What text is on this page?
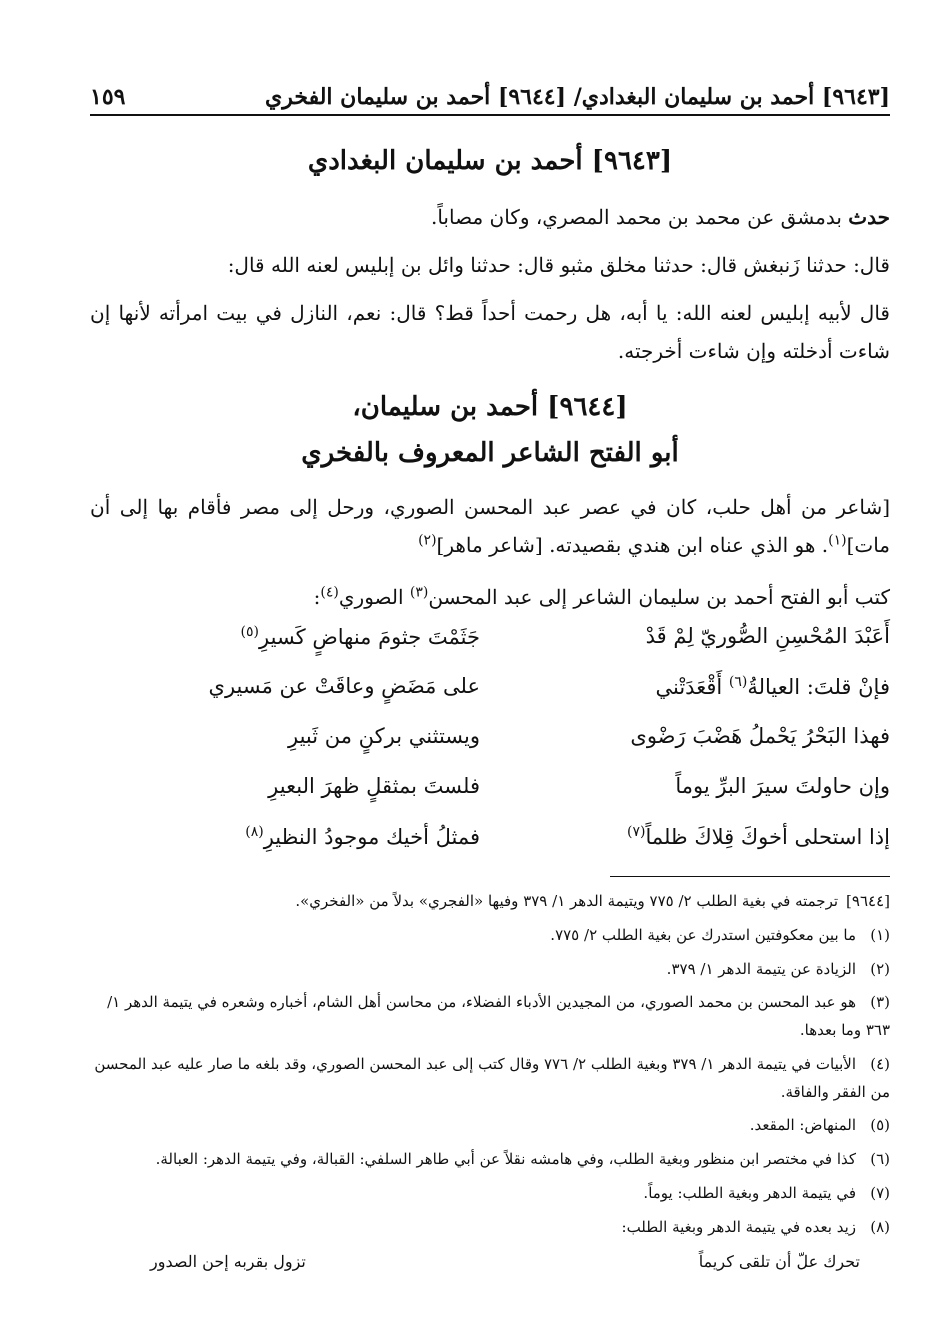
[٩٦٤٣] أحمد بن سليمان البغدادي/ [٩٦٤٤] أحمد بن سليمان الفخري
١٥٩
[٩٦٤٣] أحمد بن سليمان البغدادي
حدث بدمشق عن محمد بن محمد المصري، وكان مصاباً.
قال: حدثنا زَنبغش قال: حدثنا مخلق مثبو قال: حدثنا وائل بن إبليس لعنه الله قال:
قال لأبيه إبليس لعنه الله: يا أبه، هل رحمت أحداً قط؟ قال: نعم، النازل في بيت امرأته لأنها إن شاءت أدخلته وإن شاءت أخرجته.
[٩٦٤٤] أحمد بن سليمان،
أبو الفتح الشاعر المعروف بالفخري
[شاعر من أهل حلب، كان في عصر عبد المحسن الصوري، ورحل إلى مصر فأقام بها إلى أن مات]$^{(١)}$. هو الذي عناه ابن هندي بقصيدته. [شاعر ماهر]$^{(٢)}$
كتب أبو الفتح أحمد بن سليمان الشاعر إلى عبد المحسن$^{(٣)}$ الصوري$^{(٤)}$:
أَعَبْدَ المُحْسِنِ الصُّوريّ لِمْ قَدْ
جَثَمْتَ جثومَ منهاضٍ كَسيرِ$^{(٥)}$
فإنْ قلتَ: العيالةُ$^{(٦)}$ أَقْعَدَتْني
على مَضَضٍ وعاقَتْ عن مَسيري
فهذا البَحْرُ يَحْملُ هَضْبَ رَضْوى
ويستثني بركنٍ من ثَبيرِ
وإن حاولتَ سيرَ البرِّ يوماً
فلستَ بمثقلٍ ظهرَ البعيرِ
إذا استحلى أخوكَ قِلاكَ ظلماً$^{(٧)}$
فمثلُ أخيك موجودُ النظيرِ$^{(٨)}$
[٩٦٤٤]ترجمته في بغية الطلب ٢/ ٧٧٥ ويتيمة الدهر ١/ ٣٧٩ وفيها «الفجري» بدلاً من «الفخري».
(١)ما بين معكوفتين استدرك عن بغية الطلب ٢/ ٧٧٥.
(٢)الزيادة عن يتيمة الدهر ١/ ٣٧٩.
(٣)هو عبد المحسن بن محمد الصوري، من المجيدين الأدباء الفضلاء، من محاسن أهل الشام، أخباره وشعره في يتيمة الدهر ١/ ٣٦٣ وما بعدها.
(٤)الأبيات في يتيمة الدهر ١/ ٣٧٩ وبغية الطلب ٢/ ٧٧٦ وقال كتب إلى عبد المحسن الصوري، وقد بلغه ما صار عليه عبد المحسن من الفقر والفاقة.
(٥)المنهاض: المقعد.
(٦)كذا في مختصر ابن منظور وبغية الطلب، وفي هامشه نقلاً عن أبي طاهر السلفي: القبالة، وفي يتيمة الدهر: العبالة.
(٧)في يتيمة الدهر وبغية الطلب: يوماً.
(٨)زيد بعده في يتيمة الدهر وبغية الطلب:
تحرك علّ أن تلقى كريماً
تزول بقربه إحن الصدور
